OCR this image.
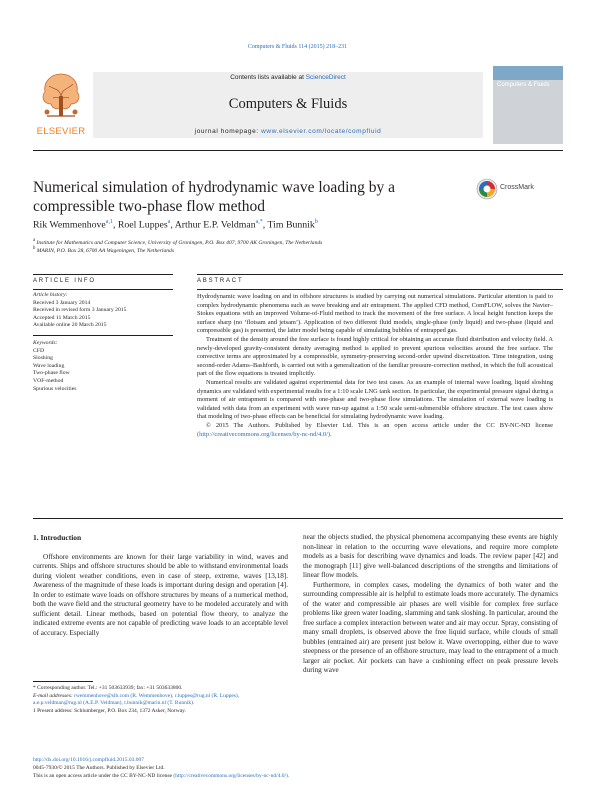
Computers & Fluids 114 (2015) 218–231
ELSEVIER
Contents lists available at ScienceDirect
Computers & Fluids
journal homepage: www.elsevier.com/locate/compfluid
Computers & Fluids
Numerical simulation of hydrodynamic wave loading by a compressible two-phase flow method
CrossMark
Rik Wemmenhove$^{a,1}$, Roel Luppes$^a$, Arthur E.P. Veldman$^{a,*}$, Tim Bunnik$^b$
$^a$ Institute for Mathematics and Computer Science, University of Groningen, P.O. Box 407, 9700 AK Groningen, The Netherlands
$^b$ MARIN, P.O. Box 28, 6700 AA Wageningen, The Netherlands
ARTICLE INFO	ABSTRACT
Article history:
Received 3 January 2014
Received in revised form 3 January 2015
Accepted 11 March 2015
Available online 20 March 2015
Keywords:
CFD
Sloshing
Wave loading
Two-phase flow
VOF-method
Spurious velocities

Hydrodynamic wave loading on and in offshore structures is studied by carrying out numerical simulations. Particular attention is paid to complex hydrodynamic phenomena such as wave breaking and air entrapment. The applied CFD method, ComFLOW, solves the Navier–Stokes equations with an improved Volume-of-Fluid method to track the movement of the free surface. A local height function keeps the surface sharp (no ‘flotsam and jetsam’). Application of two different fluid models, single-phase (only liquid) and two-phase (liquid and compressible gas) is presented, the latter model being capable of simulating bubbles of entrapped gas.

Treatment of the density around the free surface is found highly critical for obtaining an accurate fluid distribution and velocity field. A newly-developed gravity-consistent density averaging method is applied to prevent spurious velocities around the free surface. The convective terms are approximated by a compressible, symmetry-preserving second-order upwind discretization. Time integration, using second-order Adams–Bashforth, is carried out with a generalization of the familiar pressure-correction method, in which the full acoustical part of the flow equations is treated implicitly.

Numerical results are validated against experimental data for two test cases. As an example of internal wave loading, liquid sloshing dynamics are validated with experimental results for a 1:10 scale LNG tank section. In particular, the experimental pressure signal during a moment of air entrapment is compared with one-phase and two-phase flow simulations. The simulation of external wave loading is validated with data from an experiment with wave run-up against a 1:50 scale semi-submersible offshore structure. The test cases show that modeling of two-phase effects can be beneficial for simulating hydrodynamic wave loading.

© 2015 The Authors. Published by Elsevier Ltd. This is an open access article under the CC BY-NC-ND license (http://creativecommons.org/licenses/by-nc-nd/4.0/).

1. Introduction

Offshore environments are known for their large variability in wind, waves and currents. Ships and offshore structures should be able to withstand environmental loads during violent weather conditions, even in case of steep, extreme, waves [13,18]. Awareness of the magnitude of these loads is important during design and operation [4]. In order to estimate wave loads on offshore structures by means of a numerical method, both the wave field and the structural geometry have to be modeled accurately and with sufficient detail. Linear methods, based on potential flow theory, to analyze the indicated extreme events are not capable of predicting wave loads to an acceptable level of accuracy. Especially

near the objects studied, the physical phenomena accompanying these events are highly non-linear in relation to the occurring wave elevations, and require more complete models as a basis for describing wave dynamics and loads. The review paper [42] and the monograph [11] give well-balanced descriptions of the strengths and limitations of linear flow models.

Furthermore, in complex cases, modeling the dynamics of both water and the surrounding compressible air is helpful to estimate loads more accurately. The dynamics of the water and compressible air phases are well visible for complex free surface problems like green water loading, slamming and tank sloshing. In particular, around the free surface a complex interaction between water and air may occur. Spray, consisting of many small droplets, is observed above the free liquid surface, while clouds of small bubbles (entrained air) are present just below it. Wave overtopping, either due to wave steepness or the presence of an offshore structure, may lead to the entrapment of a much larger air pocket. Air pockets can have a cushioning effect on peak pressure levels during wave

* Corresponding author. Tel.: +31 503633939; fax: +31 503633800.
E-mail addresses: rwemmenhove@slb.com (R. Wemmenhove), r.luppes@rug.nl (R. Luppes), a.e.p.veldman@rug.nl (A.E.P. Veldman), t.bunnik@marin.nl (T. Bunnik).
1 Present address: Schlumberger, P.O. Box 234, 1372 Asker, Norway.
http://dx.doi.org/10.1016/j.compfluid.2015.03.007
0045-7930/© 2015 The Authors. Published by Elsevier Ltd.
This is an open access article under the CC BY-NC-ND license (http://creativecommons.org/licenses/by-nc-nd/4.0/).
